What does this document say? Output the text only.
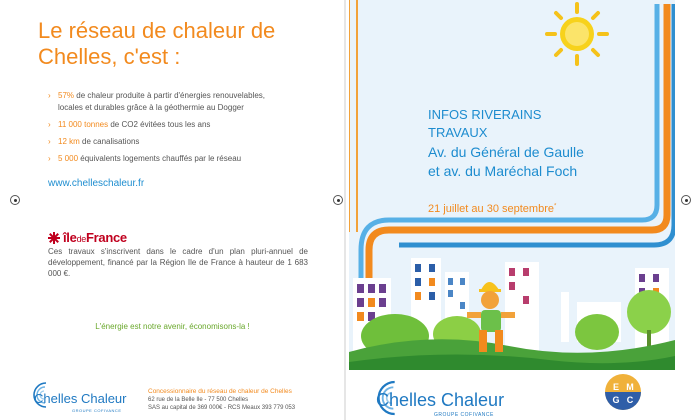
Le réseau de chaleur de
Chelles, c'est :
› 57% de chaleur produite à partir d'énergies renouvelables,
locales et durables grâce à la géothermie au Dogger
› 11 000 tonnes de CO2 évitées tous les ans
› 12 km de canalisations
› 5 000 équivalents logements chauffés par le réseau
www.chelleschaleur.fr
îledeFrance
Ces travaux s'inscrivent dans le cadre d'un plan pluri-annuel de développement, financé par la Région Ile de France à hauteur de 1 683 000 €.
L'énergie est notre avenir, économisons-la !
Chelles Chaleur
GROUPE COFIVANCE
Concessionnaire du réseau de chaleur de Chelles
62 rue de la Belle Ile - 77 500 Chelles
SAS au capital de 369 000€ - RCS Meaux 393 779 053
INFOS RIVERAINS
TRAVAUX
Av. du Général de Gaulle
et av. du Maréchal Foch
21 juillet au 30 septembre*
Chelles Chaleur
GROUPE COFIVANCE
E M
G C
